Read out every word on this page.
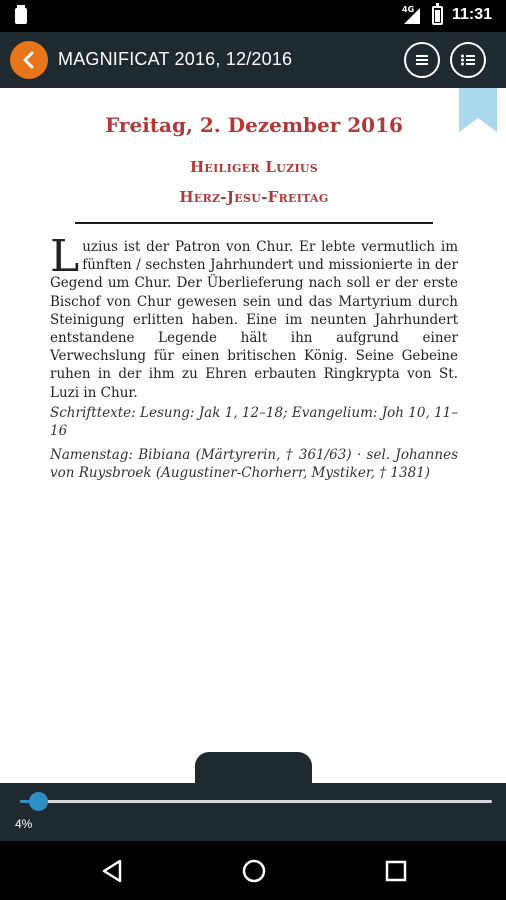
4G 11:31
MAGNIFICAT 2016, 12/2016
Freitag, 2. Dezember 2016
Heiliger Luzius
Herz-Jesu-Freitag

Luzius ist der Patron von Chur. Er lebte vermutlich im fünften / sechsten Jahrhundert und missionierte in der Gegend um Chur. Der Überlieferung nach soll er der erste Bischof von Chur gewesen sein und das Martyrium durch Steinigung erlitten haben. Eine im neunten Jahrhundert entstandene Legende hält ihn aufgrund einer Verwechslung für einen britischen König. Seine Gebeine ruhen in der ihm zu Ehren erbauten Ringkrypta von St. Luzi in Chur.

Schrifttexte: Lesung: Jak 1, 12–18; Evangelium: Joh 10, 11–16

Namenstag: Bibiana (Märtyrerin, † 361/63) · sel. Johannes von Ruysbroek (Augustiner-Chorherr, Mystiker, † 1381)

4%
